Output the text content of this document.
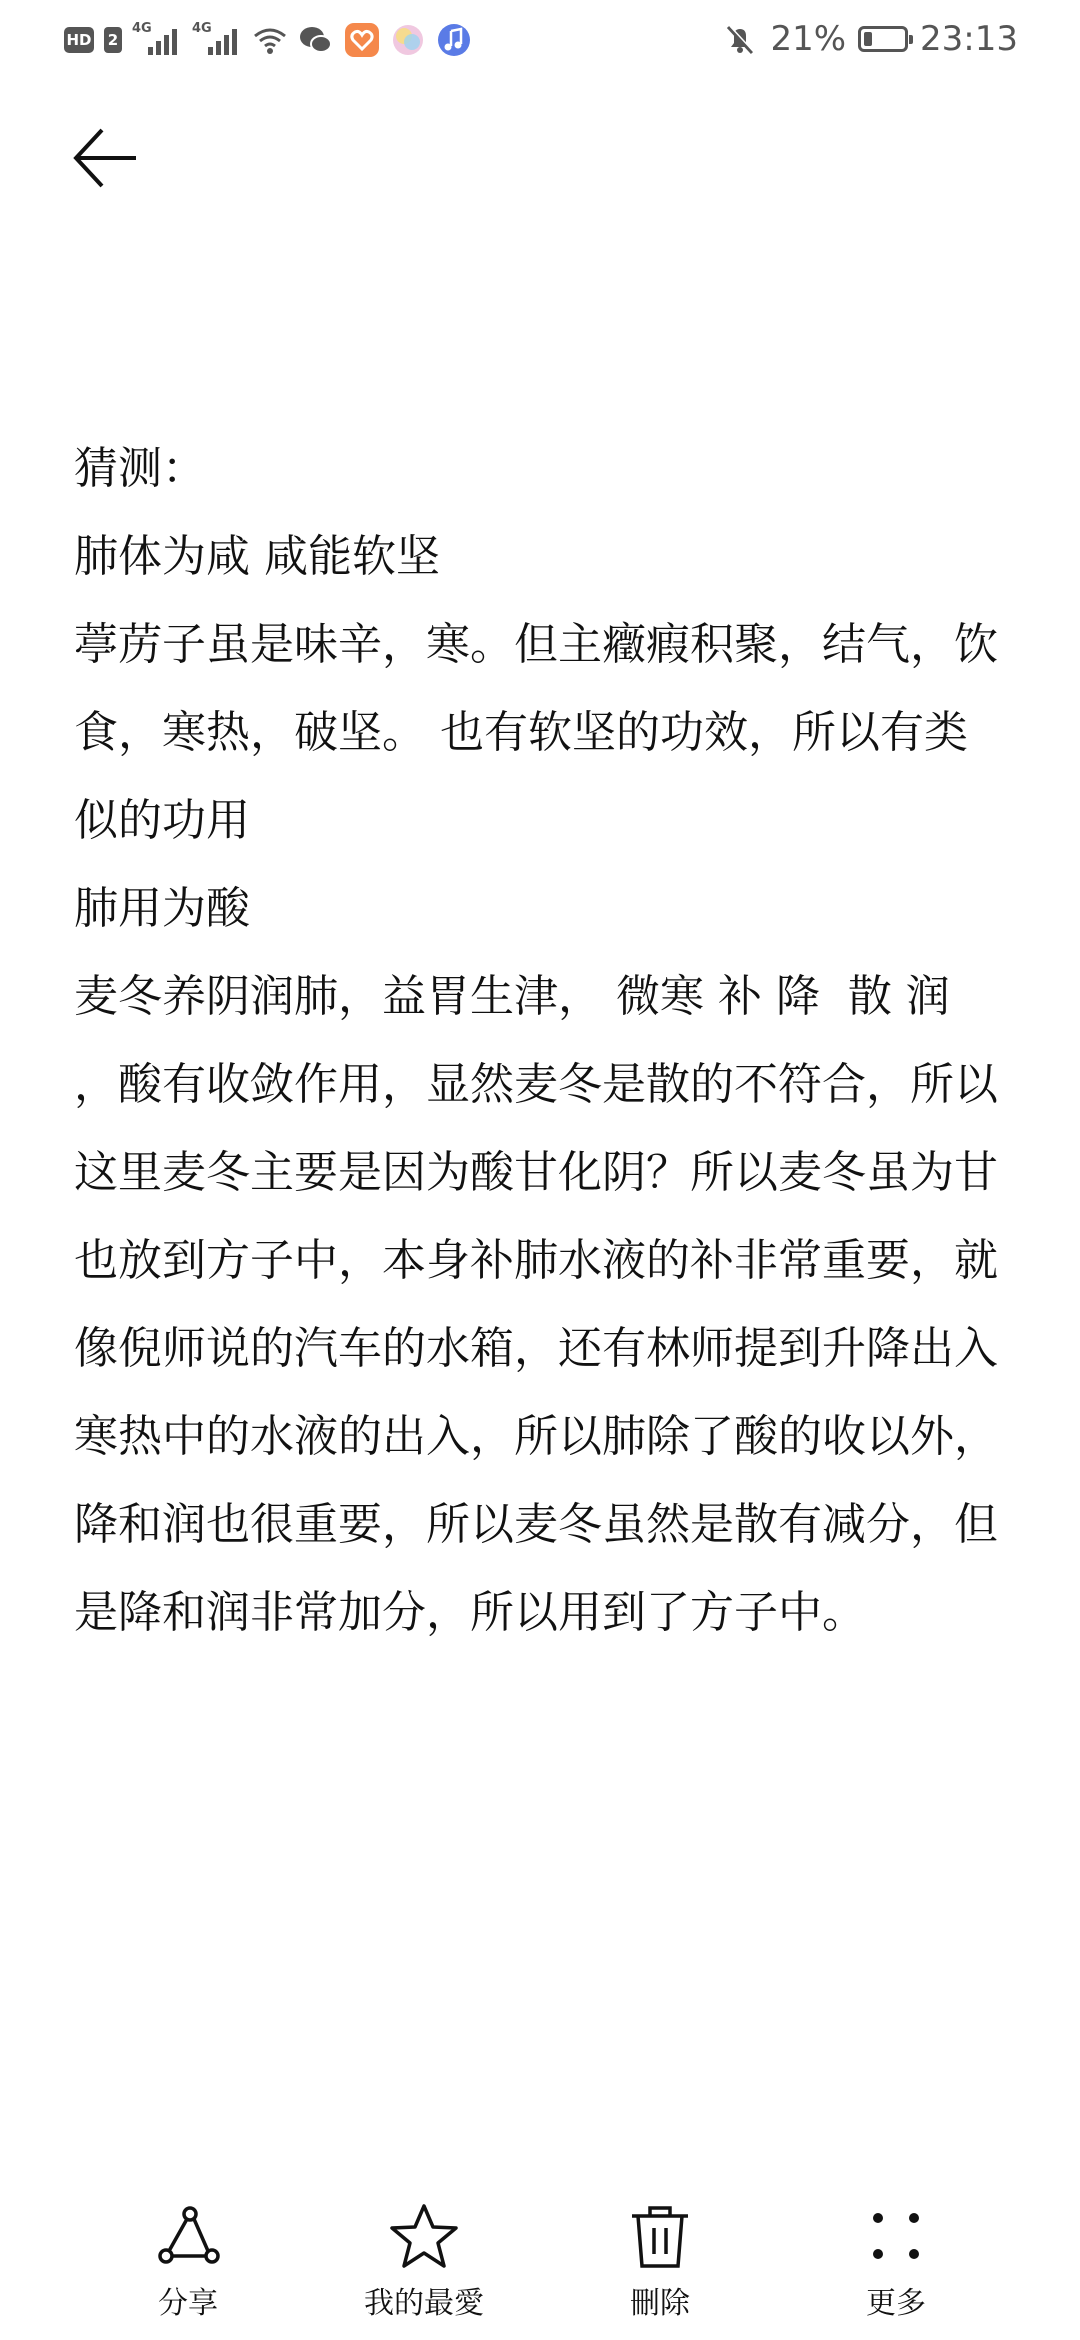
HD 2
4G	4G	21% 23:13

猜测：

肺体为咸 咸能软坚

葶苈子虽是味辛，寒。但主癥瘕积聚，结气，饮食，寒热，破坚。 也有软坚的功效，所以有类似的功用

肺用为酸

麦冬养阴润肺，益胃生津， 微寒 补 降  散 润 ，酸有收敛作用，显然麦冬是散的不符合，所以这里麦冬主要是因为酸甘化阴？所以麦冬虽为甘也放到方子中，本身补肺水液的补非常重要，就像倪师说的汽车的水箱，还有林师提到升降出入寒热中的水液的出入，所以肺除了酸的收以外，降和润也很重要，所以麦冬虽然是散有减分，但是降和润非常加分，所以用到了方子中。

分享	我的最愛	刪除	更多
